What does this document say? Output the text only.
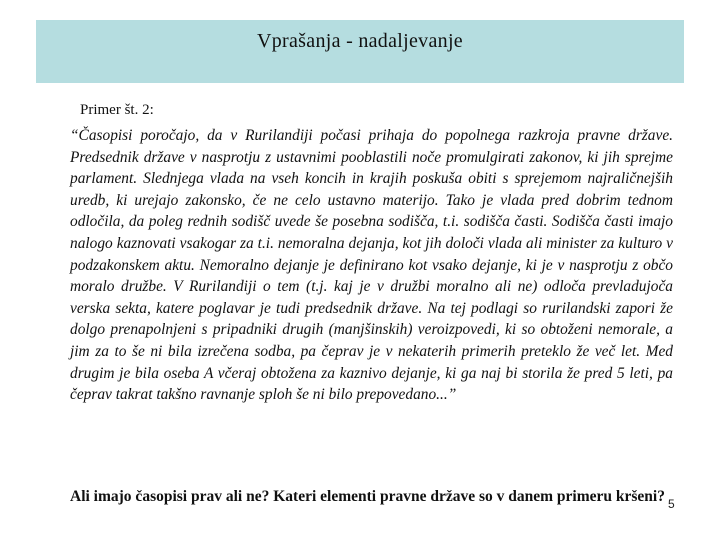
Vprašanja - nadaljevanje
Primer št. 2:
“Časopisi poročajo, da v Rurilandiji počasi prihaja do popolnega razkroja pravne države. Predsednik države v nasprotju z ustavnimi pooblastili noče promulgirati zakonov, ki jih sprejme parlament. Slednjega vlada na vseh koncih in krajih poskuša obiti s sprejemom najraličnejših uredb, ki urejajo zakonsko, če ne celo ustavno materijo. Tako je vlada pred dobrim tednom odločila, da poleg rednih sodišč uvede še posebna sodišča, t.i. sodišča časti. Sodišča časti imajo nalogo kaznovati vsakogar za t.i. nemoralna dejanja, kot jih določi vlada ali minister za kulturo v podzakonskem aktu. Nemoralno dejanje je definirano kot vsako dejanje, ki je v nasprotju z občo moralo družbe. V Rurilandiji o tem (t.j. kaj je v družbi moralno ali ne) odloča prevladujoča verska sekta, katere poglavar je tudi predsednik države. Na tej podlagi so rurilandski zapori že dolgo prenapolnjeni s pripadniki drugih (manjšinskih) veroizpovedi, ki so obtoženi nemorale, a jim za to še ni bila izrečena sodba, pa čeprav je v nekaterih primerih preteklo že več let. Med drugim je bila oseba A včeraj obtožena za kaznivo dejanje, ki ga naj bi storila že pred 5 leti, pa čeprav takrat takšno ravnanje sploh še ni bilo prepovedano...”
Ali imajo časopisi prav ali ne? Kateri elementi pravne države so v danem primeru kršeni? 5
